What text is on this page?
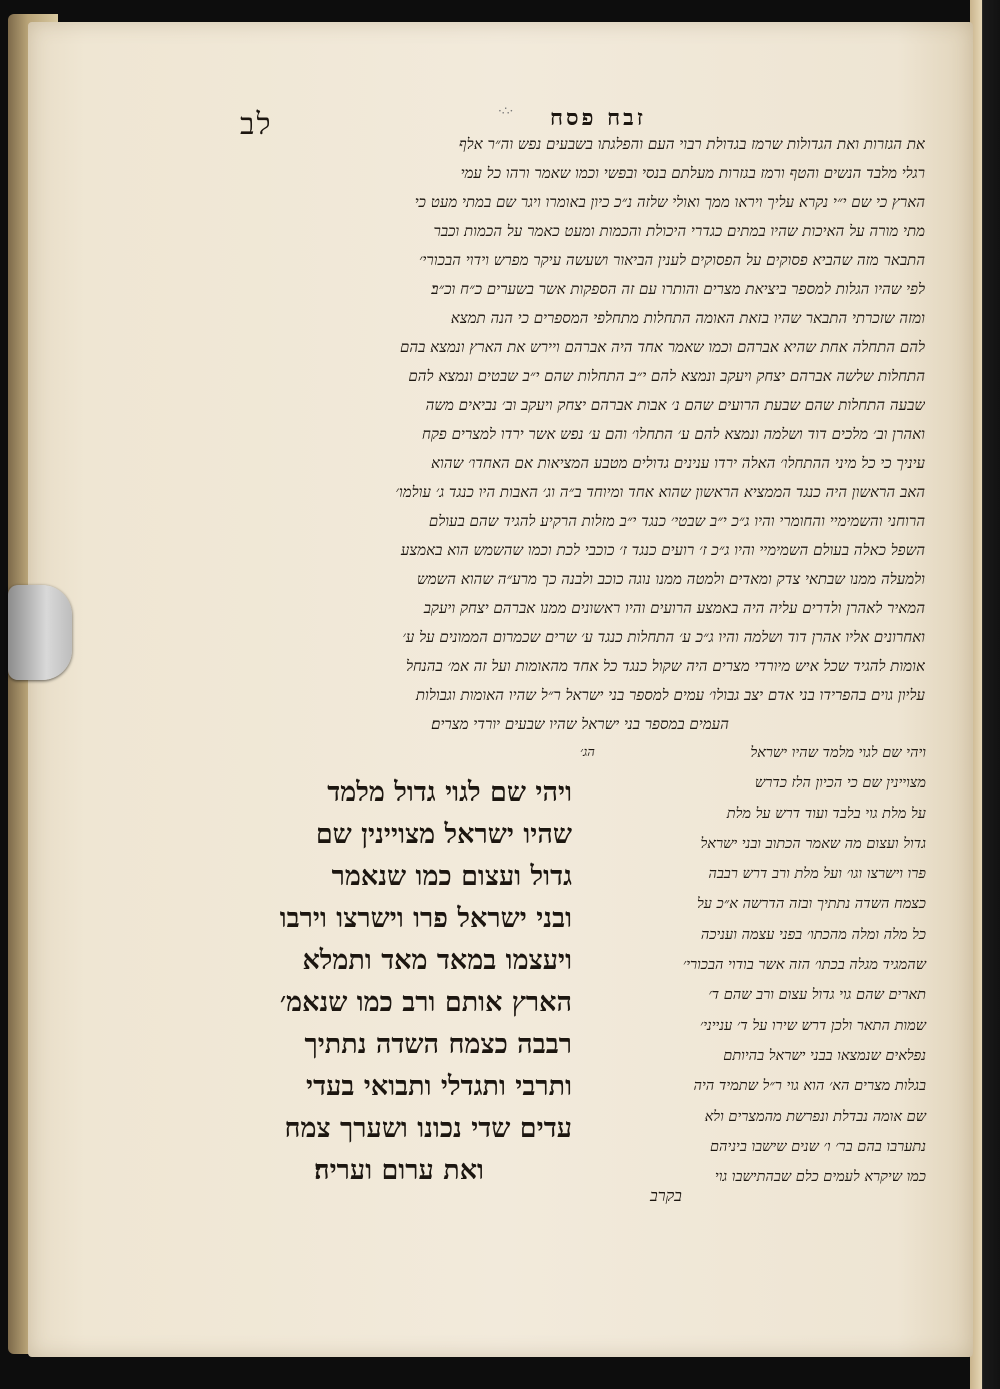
·∴· זבח פסח
לב
את הגזרות ואת הגדולות שרמז בגדולת רבוי העם והפלגתו בשבעים נפש וה״ר אלף
רגלי מלבד הנשים והטף ורמז בגזרות מעלתם בנסי ובפשי וכמו שאמר ורהו כל עמי
הארץ כי שם י״י נקרא עליך ויראו ממך ואולי שלזה נ״כ כיון באומרו ויגר שם במתי מעט כי
מתי מורה על האיכות שהיו במתים כגדרי היכולת והכמות ומעט כאמר על הכמות וכבר
התבאר מזה שהביא פסוקים על הפסוקים לענין הביאור ושעשה עיקר מפרש וידוי הבכורי׳
לפי שהיו הגלות למספר ביציאת מצרים והותרו עם זה הספקות אשר בשערים כ״ח וכ״ב׃
ומזה שזכרתי התבאר שהיו בזאת האומה התחלות מתחלפי המספרים כי הנה תמצא
להם התחלה אחת שהיא אברהם וכמו שאמר אחד היה אברהם ויירש את הארץ ונמצא בהם
התחלות שלשה אברהם יצחק ויעקב ונמצא להם י״ב התחלות שהם י״ב שבטים ונמצא להם
שבעה התחלות שהם שבעת הרועים שהם נ׳ אבות אברהם יצחק ויעקב וב׳ נביאים משה
ואהרן וב׳ מלכים דוד ושלמה ונמצא להם ע׳ התחלו׳ והם ע׳ נפש אשר ירדו למצרים פקח
עיניך כי כל מיני ההתחלו׳ האלה ירדו ענינים גדולים מטבע המציאות אם האחדו׳ שהוא
האב הראשון היה כנגד הממציא הראשון שהוא אחד ומיוחד ב״ה וג׳ האבות היו כנגד ג׳ עולמו׳
הרוחני והשמימיי והחומרי והיו ג״כ י״ב שבטי׳ כנגד י״ב מזלות הרקיע להגיד שהם בעולם
השפל כאלה בעולם השמימיי והיו ג״כ ז׳ רועים כנגד ז׳ כוכבי לכת וכמו שהשמש הוא באמצע
ולמעלה ממנו שבתאי צדק ומאדים ולמטה ממנו נוגה כוכב ולבנה כך מרע״ה שהוא השמש
המאיר לאהרן ולדרים עליה היה באמצע הרועים והיו ראשונים ממנו אברהם יצחק ויעקב
ואחרונים אליו אהרן דוד ושלמה והיו ג״כ ע׳ התחלות כנגד ע׳ שרים שכמרום הממונים על ע׳
אומות להגיד שכל איש מיורדי מצרים היה שקול כנגד כל אחד מהאומות ועל זה אמ׳ בהנחל
עליון גוים בהפרידו בני אדם יצב גבולו׳ עמים למספר בני ישראל ר״ל שהיו האומות וגבולות
העמים במספר בני ישראל שהיו שבעים יורדי מצרים׃
ויהי שם לגוי גדול מלמד
שהיו ישראל מצויינין שם
גדול ועצום כמו שנאמר
ובני ישראל פרו וישרצו וירבו
ויעצמו במאד מאד ותמלא
הארץ אותם ורב כמו שנאמ׳
רבבה כצמח השדה נתתיך
ותרבי ותגדלי ותבואי בעדי
עדים שדי נכונו ושערך צמח
ואת ערום ועריה׃
הג׳	ויהי שם לגוי מלמד שהיו ישראל
מצויינין שם כי הכיון הלז כדרש
על מלת גוי בלבד ועוד דרש על מלת
גדול ועצום מה שאמר הכתוב ובני ישראל
פרו וישרצו וגו׳ ועל מלת ורב דרש רבבה
כצמח השדה נתתיך ובזה הדרשה א״כ על
כל מלה ומלה מהכתו׳ בפני עצמה ועניכה
שהמגיד מגלה בכתו׳ הזה אשר בודוי הבכורי׳
תארים שהם גוי גדול עצום ורב שהם ד׳
שמות התאר ולכן דרש שירו על ד׳ ענייני׳
נפלאים שנמצאו בבני ישראל בהיותם
בגלות מצרים הא׳ הוא גוי ר״ל שתמיד היה
שם אומה נבדלת ונפרשת מהמצרים ולא
נתערבו בהם בר׳ ו׳ שנים שישבו ביניהם
כמו שיקרא לעמים כלם שבהתישבו גוי
בקרב
